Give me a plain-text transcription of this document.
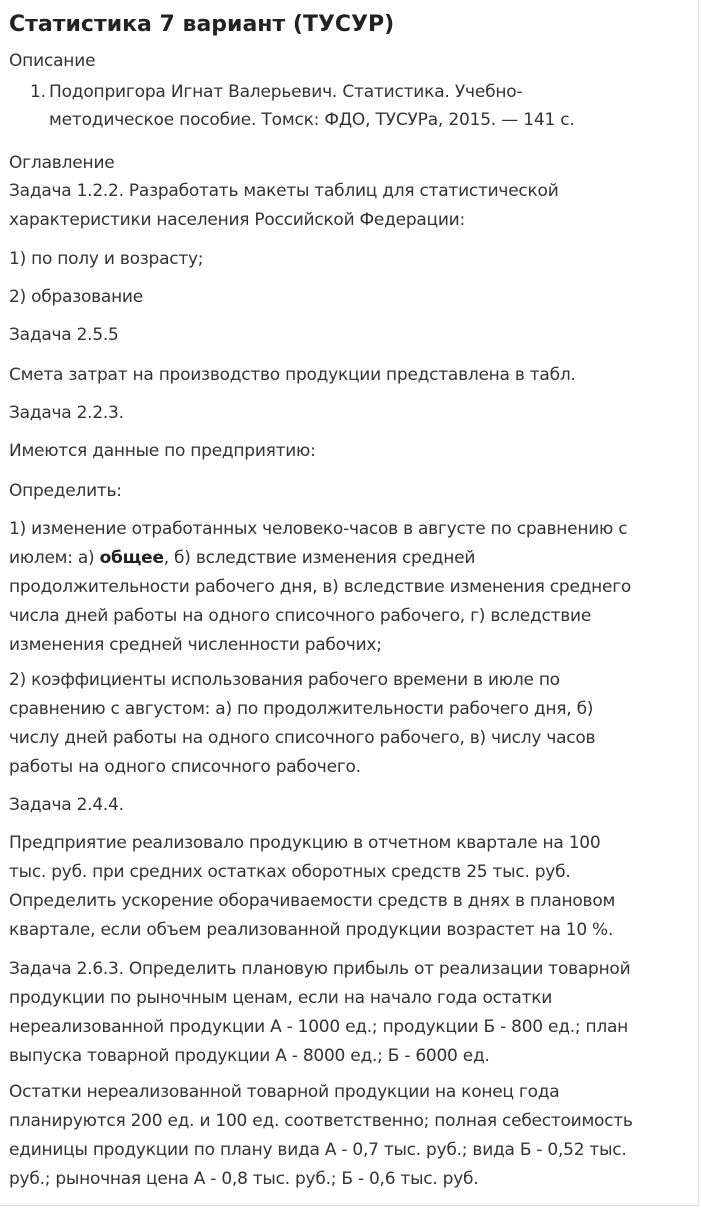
Статистика 7 вариант (ТУСУР)

Описание

1. Подопригора Игнат Валерьевич. Статистика. Учебно-
методическое пособие. Томск: ФДО, ТУСУРа, 2015. — 141 с.

Оглавление

Задача 1.2.2. Разработать макеты таблиц для статистической
характеристики населения Российской Федерации:

1) по полу и возрасту;

2) образование

Задача 2.5.5

Смета затрат на производство продукции представлена в табл.

Задача 2.2.3.

Имеются данные по предприятию:

Определить:

1) изменение отработанных человеко-часов в августе по сравнению с
июлем: а) общее, б) вследствие изменения средней
продолжительности рабочего дня, в) вследствие изменения среднего
числа дней работы на одного списочного рабочего, г) вследствие
изменения средней численности рабочих;

2) коэффициенты использования рабочего времени в июле по
сравнению с августом: а) по продолжительности рабочего дня, б)
числу дней работы на одного списочного рабочего, в) числу часов
работы на одного списочного рабочего.

Задача 2.4.4.

Предприятие реализовало продукцию в отчетном квартале на 100
тыс. руб. при средних остатках оборотных средств 25 тыс. руб.
Определить ускорение оборачиваемости средств в днях в плановом
квартале, если объем реализованной продукции возрастет на 10 %.

Задача 2.6.3. Определить плановую прибыль от реализации товарной
продукции по рыночным ценам, если на начало года остатки
нереализованной продукции А - 1000 ед.; продукции Б - 800 ед.; план
выпуска товарной продукции А - 8000 ед.; Б - 6000 ед.

Остатки нереализованной товарной продукции на конец года
планируются 200 ед. и 100 ед. соответственно; полная себестоимость
единицы продукции по плану вида А - 0,7 тыс. руб.; вида Б - 0,52 тыс.
руб.; рыночная цена А - 0,8 тыс. руб.; Б - 0,6 тыс. руб.
